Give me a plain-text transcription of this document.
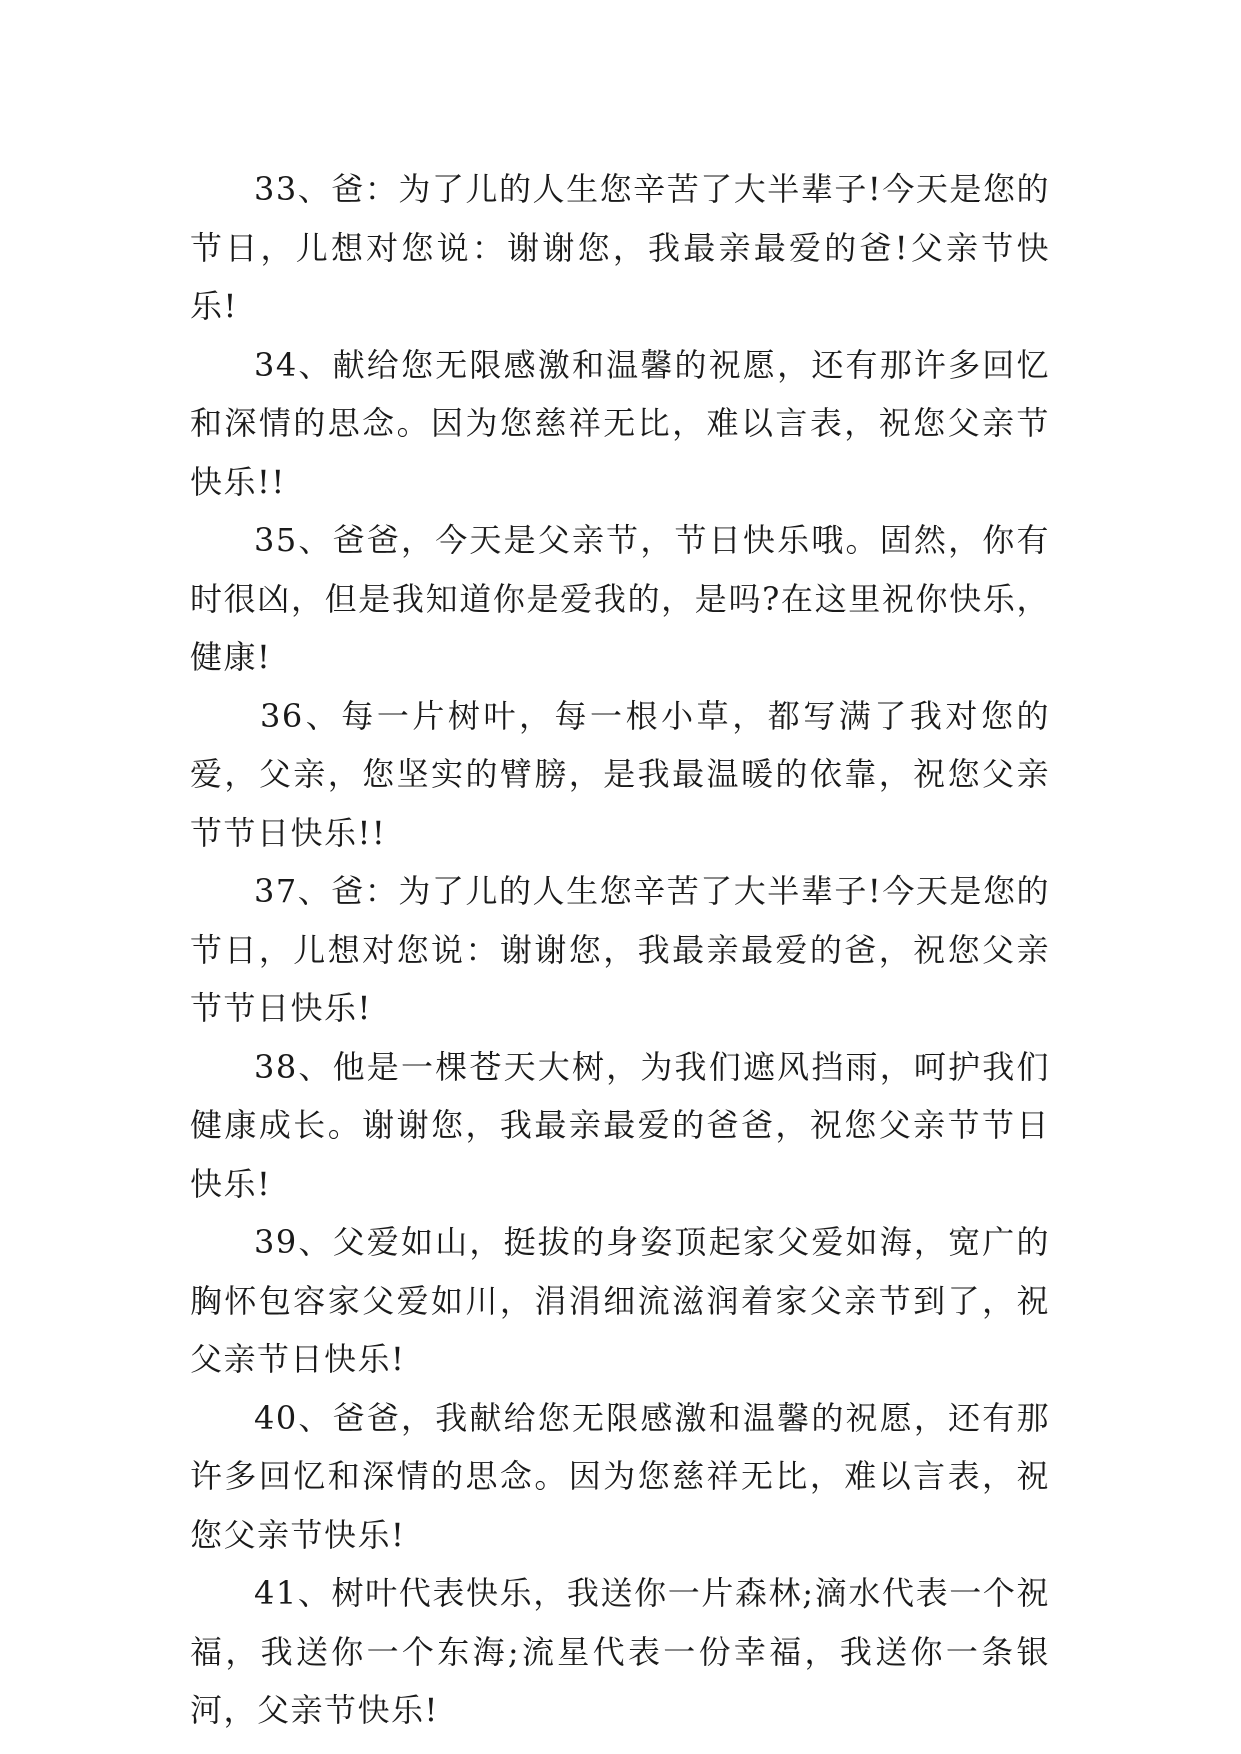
33、爸：为了儿的人生您辛苦了大半辈子!今天是您的节日，儿想对您说：谢谢您，我最亲最爱的爸!父亲节快乐!

34、献给您无限感激和温馨的祝愿，还有那许多回忆和深情的思念。因为您慈祥无比，难以言表，祝您父亲节快乐!!

35、爸爸，今天是父亲节，节日快乐哦。固然，你有时很凶，但是我知道你是爱我的，是吗?在这里祝你快乐，健康!

36、每一片树叶，每一根小草，都写满了我对您的爱，父亲，您坚实的臂膀，是我最温暖的依靠，祝您父亲节节日快乐!!

37、爸：为了儿的人生您辛苦了大半辈子!今天是您的节日，儿想对您说：谢谢您，我最亲最爱的爸，祝您父亲节节日快乐!

38、他是一棵苍天大树，为我们遮风挡雨，呵护我们健康成长。谢谢您，我最亲最爱的爸爸，祝您父亲节节日快乐!

39、父爱如山，挺拔的身姿顶起家父爱如海，宽广的胸怀包容家父爱如川，涓涓细流滋润着家父亲节到了，祝父亲节日快乐!

40、爸爸，我献给您无限感激和温馨的祝愿，还有那许多回忆和深情的思念。因为您慈祥无比，难以言表，祝您父亲节快乐!

41、树叶代表快乐，我送你一片森林;滴水代表一个祝福，我送你一个东海;流星代表一份幸福，我送你一条银河，父亲节快乐!
